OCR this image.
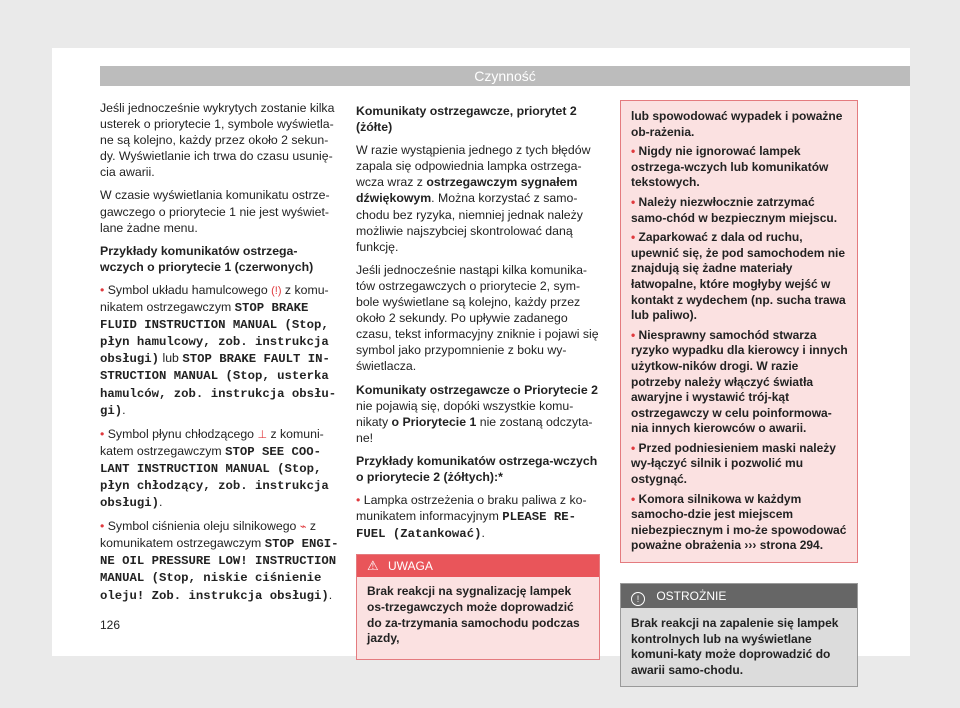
Czynność

Jeśli jednocześnie wykrytych zostanie kilka usterek o priorytecie 1, symbole wyświetla-ne są kolejno, każdy przez około 2 sekun-dy. Wyświetlanie ich trwa do czasu usunię-cia awarii.

W czasie wyświetlania komunikatu ostrze-gawczego o priorytecie 1 nie jest wyświet-lane żadne menu.

Przykłady komunikatów ostrzega-wczych o priorytecie 1 (czerwonych)

• Symbol układu hamulcowego (!) z komu-nikatem ostrzegawczym STOP BRAKE FLUID INSTRUCTION MANUAL (Stop, płyn hamulcowy, zob. instrukcja obsługi) lub STOP BRAKE FAULT IN-STRUCTION MANUAL (Stop, usterka hamulców, zob. instrukcja obsłu-gi).

• Symbol płynu chłodzącego ⊥ z komuni-katem ostrzegawczym STOP SEE COO-LANT INSTRUCTION MANUAL (Stop, płyn chłodzący, zob. instrukcja obsługi).

• Symbol ciśnienia oleju silnikowego ⌁ z komunikatem ostrzegawczym STOP ENGI-NE OIL PRESSURE LOW! INSTRUCTION MANUAL (Stop, niskie ciśnienie oleju! Zob. instrukcja obsługi).

Komunikaty ostrzegawcze, priorytet 2 (żółte)

W razie wystąpienia jednego z tych błędów zapala się odpowiednia lampka ostrzega-wcza wraz z ostrzegawczym sygnałem dźwiękowym. Można korzystać z samo-chodu bez ryzyka, niemniej jednak należy możliwie najszybciej skontrolować daną funkcję.

Jeśli jednocześnie nastąpi kilka komunika-tów ostrzegawczych o priorytecie 2, sym-bole wyświetlane są kolejno, każdy przez około 2 sekundy. Po upływie zadanego czasu, tekst informacyjny zniknie i pojawi się symbol jako przypomnienie z boku wy-świetlacza.

Komunikaty ostrzegawcze o Priorytecie 2 nie pojawią się, dopóki wszystkie komu-nikaty o Priorytecie 1 nie zostaną odczyta-ne!

Przykłady komunikatów ostrzega-wczych o priorytecie 2 (żółtych):*

• Lampka ostrzeżenia o braku paliwa z ko-munikatem informacyjnym PLEASE RE-FUEL (Zatankować).

⚠ UWAGA

Brak reakcji na sygnalizację lampek os-trzegawczych może doprowadzić do za-trzymania samochodu podczas jazdy,

lub spowodować wypadek i poważne ob-rażenia.

• Nigdy nie ignorować lampek ostrzega-wczych lub komunikatów tekstowych.

• Należy niezwłocznie zatrzymać samo-chód w bezpiecznym miejscu.

• Zaparkować z dala od ruchu, upewnić się, że pod samochodem nie znajdują się żadne materiały łatwopalne, które mogłyby wejść w kontakt z wydechem (np. sucha trawa lub paliwo).

• Niesprawny samochód stwarza ryzyko wypadku dla kierowcy i innych użytkow-ników drogi. W razie potrzeby należy włączyć światła awaryjne i wystawić trój-kąt ostrzegawczy w celu poinformowa-nia innych kierowców o awarii.

• Przed podniesieniem maski należy wy-łączyć silnik i pozwolić mu ostygnąć.

• Komora silnikowa w każdym samocho-dzie jest miejscem niebezpiecznym i mo-że spowodować poważne obrażenia ››› strona 294.

! OSTROŻNIE
Brak reakcji na zapalenie się lampek kontrolnych lub na wyświetlane komuni-katy może doprowadzić do awarii samo-chodu.
126
